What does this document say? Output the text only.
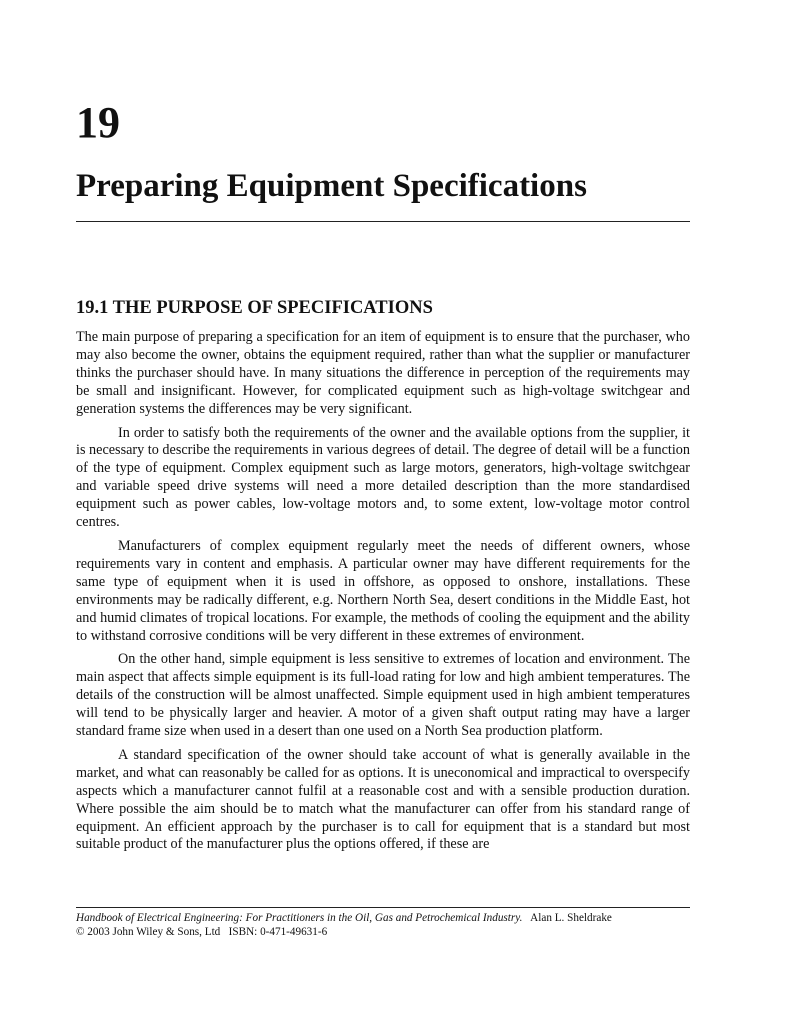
19
Preparing Equipment Specifications
19.1 THE PURPOSE OF SPECIFICATIONS

The main purpose of preparing a specification for an item of equipment is to ensure that the purchaser, who may also become the owner, obtains the equipment required, rather than what the supplier or manufacturer thinks the purchaser should have. In many situations the difference in perception of the requirements may be small and insignificant. However, for complicated equipment such as high-voltage switchgear and generation systems the differences may be very significant.

In order to satisfy both the requirements of the owner and the available options from the supplier, it is necessary to describe the requirements in various degrees of detail. The degree of detail will be a function of the type of equipment. Complex equipment such as large motors, generators, high-voltage switchgear and variable speed drive systems will need a more detailed description than the more standardised equipment such as power cables, low-voltage motors and, to some extent, low-voltage motor control centres.

Manufacturers of complex equipment regularly meet the needs of different owners, whose requirements vary in content and emphasis. A particular owner may have different requirements for the same type of equipment when it is used in offshore, as opposed to onshore, installations. These environments may be radically different, e.g. Northern North Sea, desert conditions in the Middle East, hot and humid climates of tropical locations. For example, the methods of cooling the equipment and the ability to withstand corrosive conditions will be very different in these extremes of environment.

On the other hand, simple equipment is less sensitive to extremes of location and environment. The main aspect that affects simple equipment is its full-load rating for low and high ambient temperatures. The details of the construction will be almost unaffected. Simple equipment used in high ambient temperatures will tend to be physically larger and heavier. A motor of a given shaft output rating may have a larger standard frame size when used in a desert than one used on a North Sea production platform.

A standard specification of the owner should take account of what is generally available in the market, and what can reasonably be called for as options. It is uneconomical and impractical to overspecify aspects which a manufacturer cannot fulfil at a reasonable cost and with a sensible production duration. Where possible the aim should be to match what the manufacturer can offer from his standard range of equipment. An efficient approach by the purchaser is to call for equipment that is a standard but most suitable product of the manufacturer plus the options offered, if these are

Handbook of Electrical Engineering: For Practitioners in the Oil, Gas and Petrochemical Industry. Alan L. Sheldrake
© 2003 John Wiley & Sons, Ltd ISBN: 0-471-49631-6
